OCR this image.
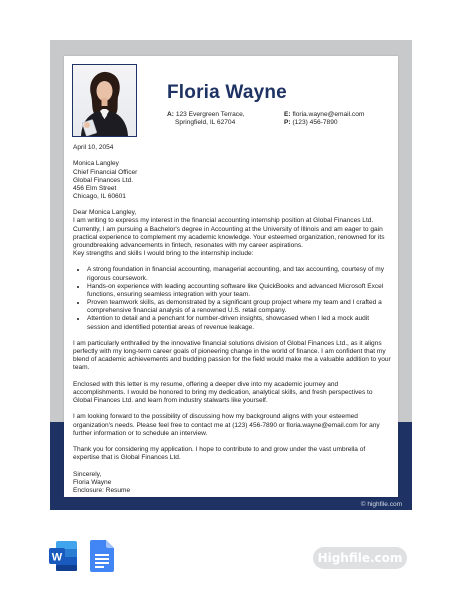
© highfile.com
Floria Wayne
A: 123 Evergreen Terrace,
Springfield, IL 62704
E: floria.wayne@email.com
P: (123) 456-7890

April 10, 2054

Monica Langley

Chief Financial Officer

Global Finances Ltd.

456 Elm Street

Chicago, IL 60601

Dear Monica Langley,

I am writing to express my interest in the financial accounting internship position at Global Finances Ltd. Currently, I am pursuing a Bachelor's degree in Accounting at the University of Illinois and am eager to gain practical experience to complement my academic knowledge. Your esteemed organization, renowned for its groundbreaking advancements in fintech, resonates with my career aspirations.

Key strengths and skills I would bring to the internship include:

• A strong foundation in financial accounting, managerial accounting, and tax accounting, courtesy of my rigorous coursework.
• Hands-on experience with leading accounting software like QuickBooks and advanced Microsoft Excel functions, ensuring seamless integration with your team.
• Proven teamwork skills, as demonstrated by a significant group project where my team and I crafted a comprehensive financial analysis of a renowned U.S. retail company.
• Attention to detail and a penchant for number-driven insights, showcased when I led a mock audit session and identified potential areas of revenue leakage.

I am particularly enthralled by the innovative financial solutions division of Global Finances Ltd., as it aligns perfectly with my long-term career goals of pioneering change in the world of finance. I am confident that my blend of academic achievements and budding passion for the field would make me a valuable addition to your team.

Enclosed with this letter is my resume, offering a deeper dive into my academic journey and accomplishments. I would be honored to bring my dedication, analytical skills, and fresh perspectives to Global Finances Ltd. and learn from industry stalwarts like yourself.

I am looking forward to the possibility of discussing how my background aligns with your esteemed organization's needs. Please feel free to contact me at (123) 456-7890 or floria.wayne@email.com for any further information or to schedule an interview.

Thank you for considering my application. I hope to contribute to and grow under the vast umbrella of expertise that is Global Finances Ltd.

Sincerely,

Floria Wayne

Enclosure: Resume

W	Highfile.com
